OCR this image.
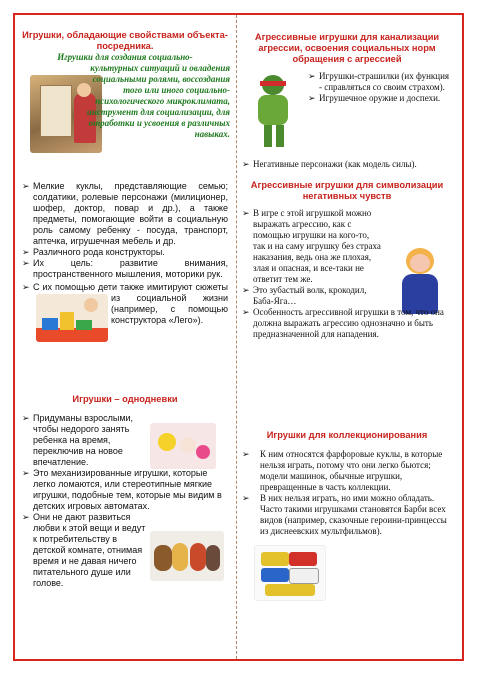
Игрушки, обладающие свойствами объекта-посредника.

Игрушки для создания социально-

культурных ситуаций и овладения социальными ролями, воссоздания того или иного социально-психологического микроклимата, инструмент для социализации, для отработки и усвоения в различных навыках.

➢ Мелкие куклы, представляющие семью; солдатики, ролевые персонажи (милиционер, шофер, доктор, повар и др.), а также предметы, помогающие войти в социальную роль самому ребенку - посуда, транспорт, аптечка, игрушечная мебель и др.
➢ Различного рода конструкторы.
➢ Их цель: развитие внимания, пространственного мышления, моторики рук.
➢ С их помощью дети также имитируют сюжеты из социальной жизни (например, с помощью конструктора «Лего»).

Игрушки – однодневки
➢ Придуманы взрослыми, чтобы недорого занять ребенка на время, переключив на новое впечатление.
➢ Это механизированные игрушки, которые легко ломаются, или стереотипные мягкие игрушки, подобные тем, которые мы видим в детских игровых автоматах.
➢ Они не дают развиться любви к этой вещи и ведут к потребительству в детской комнате, отнимая время и не давая ничего питательного душе или голове.
Агрессивные игрушки для канализации агрессии, освоения социальных норм обращения с агрессией
➢ Игрушки-страшилки (их функция - справляться со своим страхом).
➢ Игрушечное оружие и доспехи.
➢ Негативные персонажи (как модель силы).
Агрессивные игрушки для символизации негативных чувств
➢ В игре с этой игрушкой можно выражать агрессию, как с помощью игрушки на кого-то, так и на саму игрушку без страха наказания, ведь она же плохая, злая и опасная, и все-таки не ответит тем же.
➢ Это зубастый волк, крокодил, Баба-Яга…
➢ Особенность агрессивной игрушки в том, что она должна выражать агрессию однозначно и быть предназначенной для нападения.
Игрушки для коллекционирования
➢ К ним относятся фарфоровые куклы, в которые нельзя играть, потому что они легко бьются; модели машинок, обычные игрушки, превращенные в часть коллекции.
➢ В них нельзя играть, но ими можно обладать. Часто такими игрушками становятся Барби всех видов (например, сказочные героини-принцессы из диснеевских мультфильмов).
